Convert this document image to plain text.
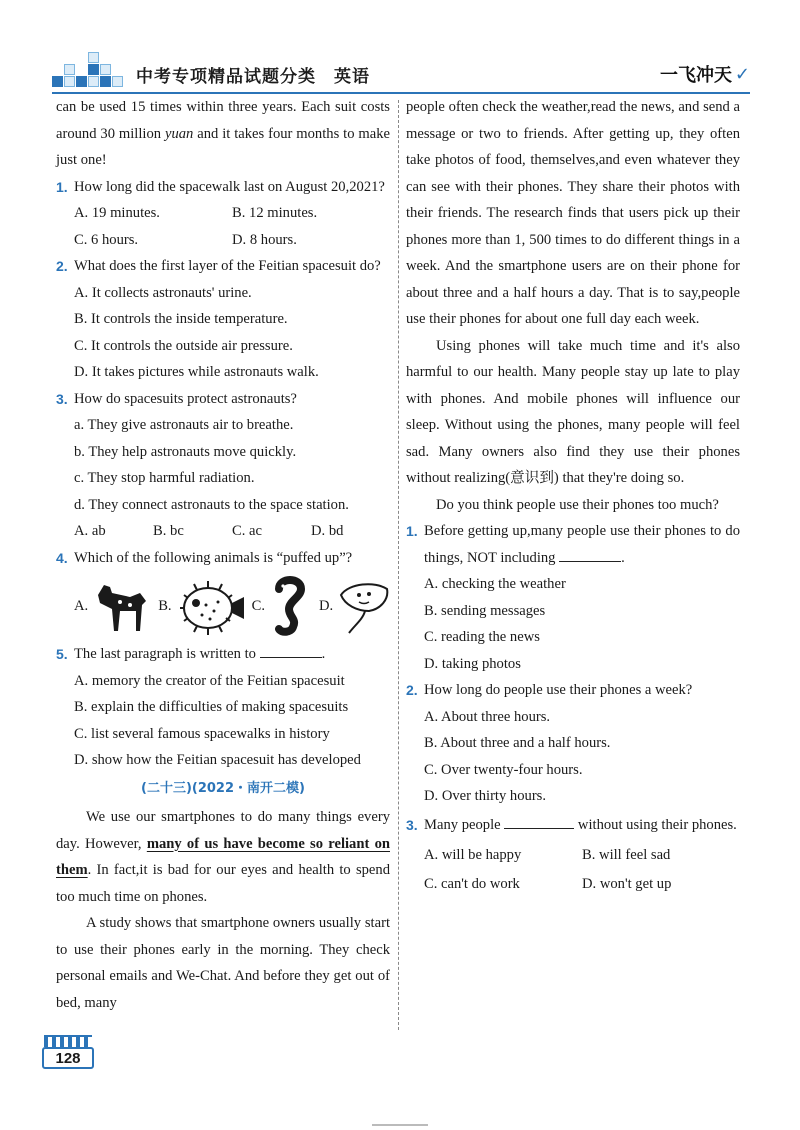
中考专项精品试题分类　英语	一飞冲天 ✓

can be used 15 times within three years. Each suit costs around 30 million yuan and it takes four months to make just one!

1. How long did the spacewalk last on August 20,2021?
A. 19 minutes.	B. 12 minutes.
C. 6 hours.	D. 8 hours.
2. What does the first layer of the Feitian spacesuit do?
A. It collects astronauts' urine.
B. It controls the inside temperature.
C. It controls the outside air pressure.
D. It takes pictures while astronauts walk.
3. How do spacesuits protect astronauts?
a. They give astronauts air to breathe.
b. They help astronauts move quickly.
c. They stop harmful radiation.
d. They connect astronauts to the space station.
A. ab	B. bc	C. ac	D. bd
4. Which of the following animals is “puffed up”?
A.	B.	C.	D.
5. The last paragraph is written to	.
A. memory the creator of the Feitian spacesuit
B. explain the difficulties of making spacesuits
C. list several famous spacewalks in history
D. show how the Feitian spacesuit has developed
(二十三)(2022・南开二模)

We use our smartphones to do many things every day. However, many of us have become so reliant on them. In fact,it is bad for our eyes and health to spend too much time on phones.

A study shows that smartphone owners usually start to use their phones early in the morning. They check personal emails and We-Chat. And before they get out of bed, many

people often check the weather,read the news, and send a message or two to friends. After getting up, they often take photos of food, themselves,and even whatever they can see with their phones. They share their photos with their friends. The research finds that users pick up their phones more than 1, 500 times to do different things in a week. And the smartphone users are on their phone for about three and a half hours a day. That is to say,people use their phones for about one full day each week.

Using phones will take much time and it's also harmful to our health. Many people stay up late to play with phones. And mobile phones will influence our sleep. Without using the phones, many people will feel sad. Many owners also find they use their phones without realizing(意识到) that they're doing so.

Do you think people use their phones too much?

1. Before getting up,many people use their phones to do things, NOT including	.
A. checking the weather
B. sending messages
C. reading the news
D. taking photos
2. How long do people use their phones a week?
A. About three hours.
B. About three and a half hours.
C. Over twenty-four hours.
D. Over thirty hours.
3. Many people	without using their phones.
A. will be happy	B. will feel sad
C. can't do work	D. won't get up
128
